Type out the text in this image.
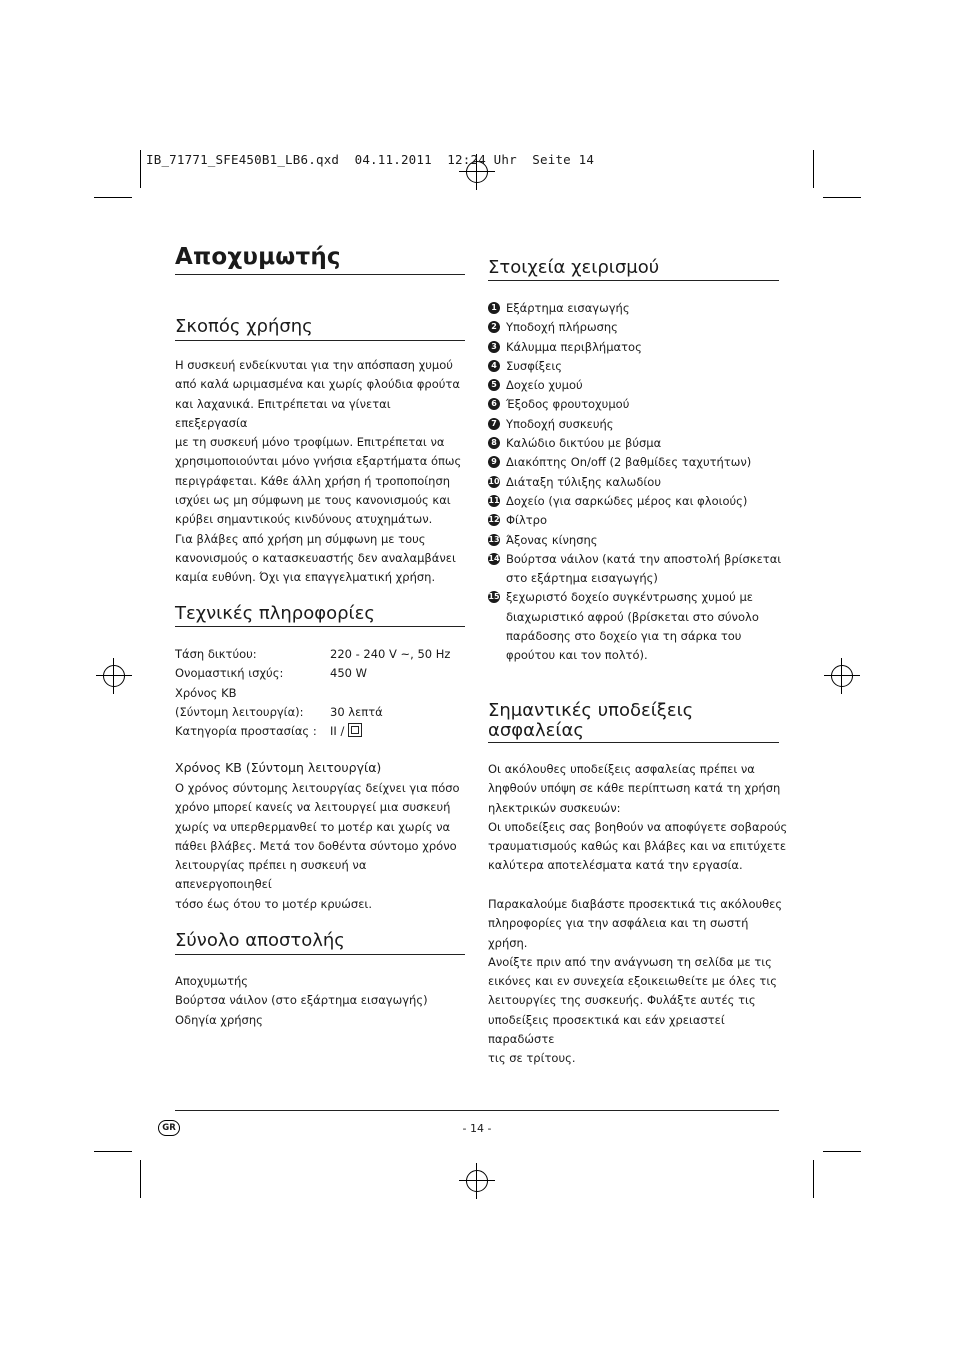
IB_71771_SFE450B1_LB6.qxd  04.11.2011  12:24 Uhr  Seite 14
Αποχυμωτής
Σκοπός χρήσης

Η συσκευή ενδείκνυται για την απόσπαση χυμού

από καλά ωριμασμένα και χωρίς φλούδια φρούτα

και λαχανικά. Επιτρέπεται να γίνεται επεξεργασία

με τη συσκευή μόνο τροφίμων. Επιτρέπεται να

χρησιμοποιούνται μόνο γνήσια εξαρτήματα όπως

περιγράφεται. Κάθε άλλη χρήση ή τροποποίηση

ισχύει ως μη σύμφωνη με τους κανονισμούς και

κρύβει σημαντικούς κινδύνους ατυχημάτων.

Για βλάβες από χρήση μη σύμφωνη με τους

κανονισμούς ο κατασκευαστής δεν αναλαμβάνει

καμία ευθύνη. Όχι για επαγγελματική χρήση.

Τεχνικές πληροφορίες
Τάση δικτύου:	220 - 240 V ~, 50 Hz
Ονομαστική ισχύς:	450 W
Χρόνος ΚΒ
(Σύντομη λειτουργία):	30 λεπτά
Κατηγορία προστασίας :	II /
Χρόνος ΚΒ (Σύντομη λειτουργία)

Ο χρόνος σύντομης λειτουργίας δείχνει για πόσο

χρόνο μπορεί κανείς να λειτουργεί μια συσκευή

χωρίς να υπερθερμανθεί το μοτέρ και χωρίς να

πάθει βλάβες. Μετά τον δοθέντα σύντομο χρόνο

λειτουργίας πρέπει η συσκευή να απενεργοποιηθεί

τόσο έως ότου το μοτέρ κρυώσει.

Σύνολο αποστολής

Αποχυμωτής

Βούρτσα νάιλον (στο εξάρτημα εισαγωγής)

Οδηγία χρήσης

Στοιχεία χειρισμού
1 Εξάρτημα εισαγωγής
2 Υποδοχή πλήρωσης
3 Κάλυμμα περιβλήματος
4 Συσφίξεις
5 Δοχείο χυμού
6 Έξοδος φρουτοχυμού
7 Υποδοχή συσκευής
8 Καλώδιο δικτύου με βύσμα
9 Διακόπτης On/off (2 βαθμίδες ταχυτήτων)
10 Διάταξη τύλιξης καλωδίου
11 Δοχείο (για σαρκώδες μέρος και φλοιούς)
12 Φίλτρο
13 Άξονας κίνησης
14 Βούρτσα νάιλον (κατά την αποστολή βρίσκεται
στο εξάρτημα εισαγωγής)
15 ξεχωριστό δοχείο συγκέντρωσης χυμού με
διαχωριστικό αφρού (βρίσκεται στο σύνολο
παράδοσης στο δοχείο για τη σάρκα του
φρούτου και τον πολτό).
Σημαντικές υποδείξεις
ασφαλείας

Οι ακόλουθες υποδείξεις ασφαλείας πρέπει να

ληφθούν υπόψη σε κάθε περίπτωση κατά τη χρήση

ηλεκτρικών συσκευών:

Οι υποδείξεις σας βοηθούν να αποφύγετε σοβαρούς

τραυματισμούς καθώς και βλάβες και να επιτύχετε

καλύτερα αποτελέσματα κατά την εργασία.

Παρακαλούμε διαβάστε προσεκτικά τις ακόλουθες

πληροφορίες για την ασφάλεια και τη σωστή χρήση.

Ανοίξτε πριν από την ανάγνωση τη σελίδα με τις

εικόνες και εν συνεχεία εξοικειωθείτε με όλες τις

λειτουργίες της συσκευής. Φυλάξτε αυτές τις

υποδείξεις προσεκτικά και εάν χρειαστεί παραδώστε

τις σε τρίτους.

GR	- 14 -
